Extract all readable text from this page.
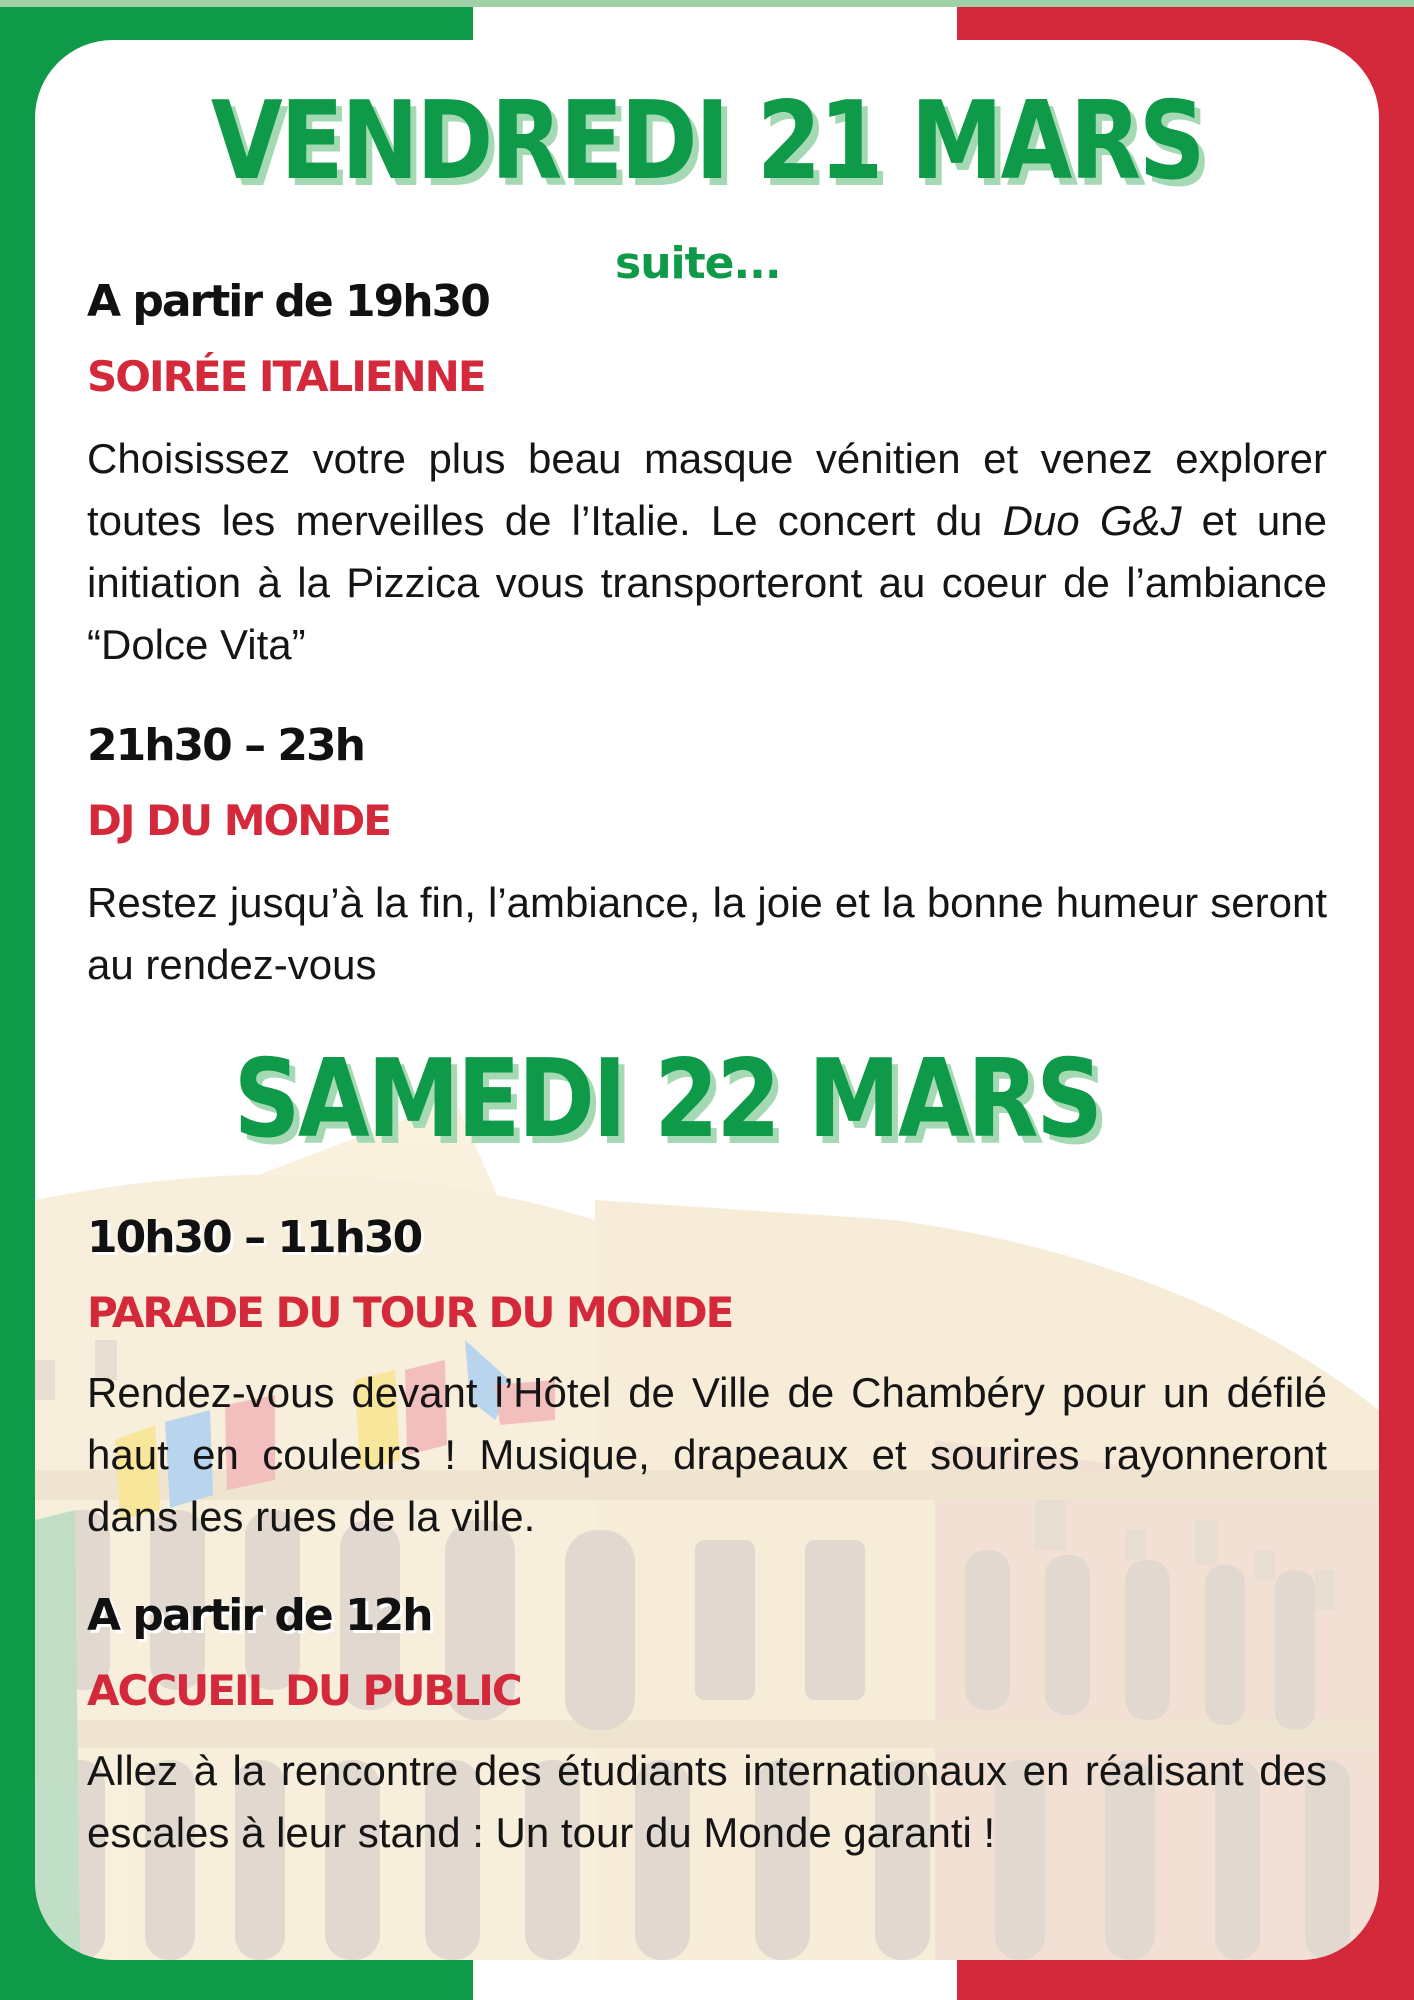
VENDREDI 21 MARS
suite...
A partir de 19h30
SOIRÉE ITALIENNE
Choisissez votre plus beau masque vénitien et venez explorer toutes les merveilles de l’Italie. Le concert du Duo G&J et une initiation à la Pizzica vous transporteront au coeur de l’ambiance “Dolce Vita”
21h30 – 23h
DJ DU MONDE
Restez jusqu’à la fin, l’ambiance, la joie et la bonne humeur seront au rendez-vous
SAMEDI 22 MARS
10h30 – 11h30
PARADE DU TOUR DU MONDE
Rendez-vous devant l’Hôtel de Ville de Chambéry pour un défilé haut en couleurs ! Musique, drapeaux et sourires rayonneront dans les rues de la ville.
A partir de 12h
ACCUEIL DU PUBLIC
Allez à la rencontre des étudiants internationaux en réalisant des escales à leur stand : Un tour du Monde garanti !
